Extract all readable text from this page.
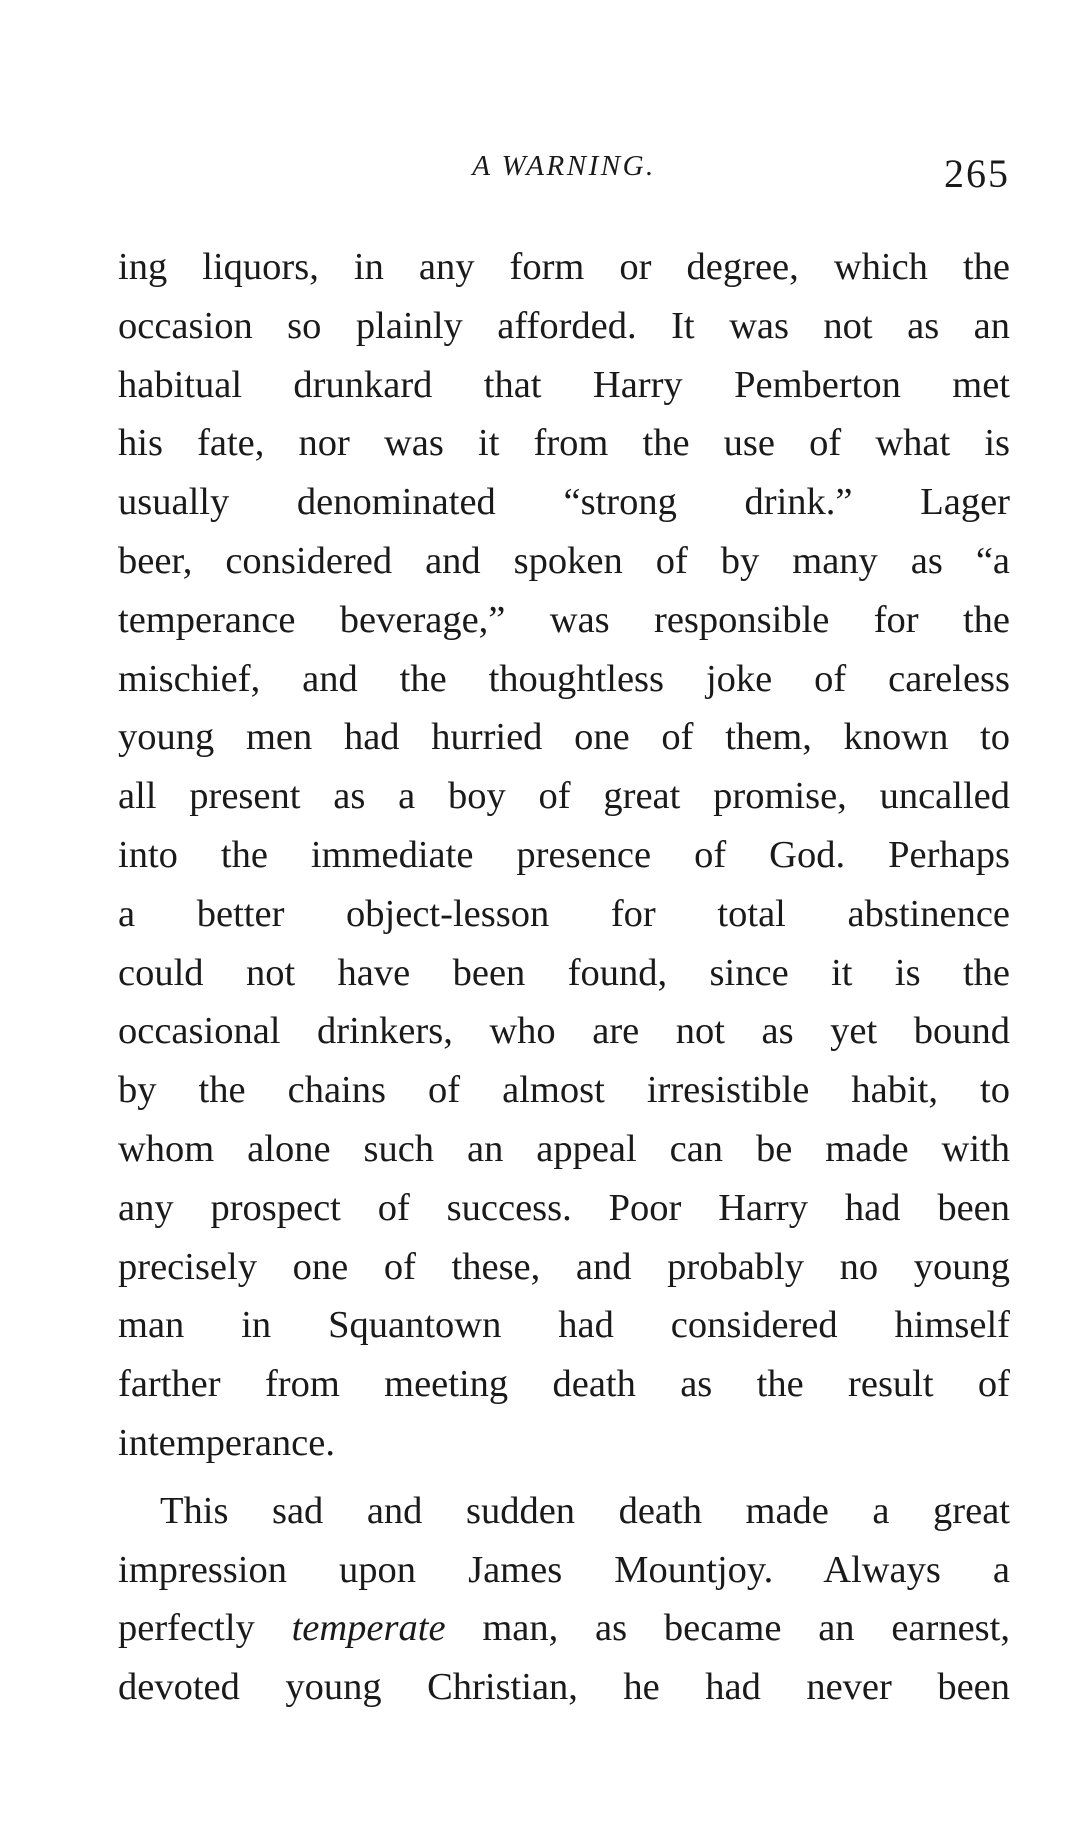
A WARNING.	265
ing liquors, in any form or degree, which the
occasion so plainly afforded. It was not as an
habitual drunkard that Harry Pemberton met
his fate, nor was it from the use of what is
usually denominated “strong drink.” Lager
beer, considered and spoken of by many as “a
temperance beverage,” was responsible for the
mischief, and the thoughtless joke of careless
young men had hurried one of them, known to
all present as a boy of great promise, uncalled
into the immediate presence of God. Perhaps
a better object-lesson for total abstinence
could not have been found, since it is the
occasional drinkers, who are not as yet bound
by the chains of almost irresistible habit, to
whom alone such an appeal can be made with
any prospect of success. Poor Harry had been
precisely one of these, and probably no young
man in Squantown had considered himself
farther from meeting death as the result of
intemperance.
This sad and sudden death made a great
impression upon James Mountjoy. Always a
perfectly temperate man, as became an earnest,
devoted young Christian, he had never been
